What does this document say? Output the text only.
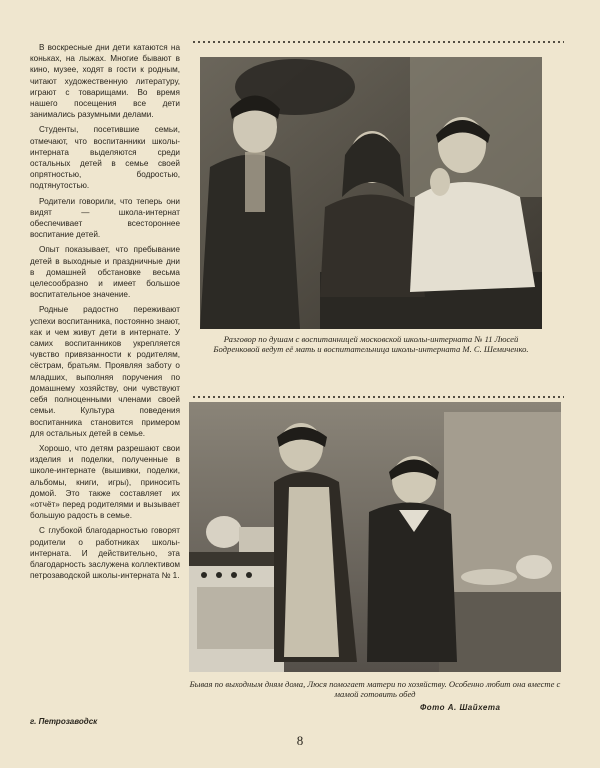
В воскресные дни дети катаются на коньках, на лыжах. Многие бывают в кино, музее, ходят в гости к родным, читают художественную литературу, играют с товарищами. Во время нашего посещения все дети занимались разумными делами.

Студенты, посетившие семьи, отмечают, что воспитанники школы-интерната выделяются среди остальных детей в семье своей опрятностью, бодростью, подтянутостью.

Родители говорили, что теперь они видят — школа-интернат обеспечивает всестороннее воспитание детей.

Опыт показывает, что пребывание детей в выходные и праздничные дни в домашней обстановке весьма целесообразно и имеет большое воспитательное значение.

Родные радостно переживают успехи воспитанника, постоянно знают, как и чем живут дети в интернате. У самих воспитанников укрепляется чувство привязанности к родителям, сёстрам, братьям. Проявляя заботу о младших, выполняя поручения по домашнему хозяйству, они чувствуют себя полноценными членами своей семьи. Культура поведения воспитанника становится примером для остальных детей в семье.

Хорошо, что детям разрешают свои изделия и поделки, полученные в школе-интернате (вышивки, поделки, альбомы, книги, игры), приносить домой. Это также составляет их «отчёт» перед родителями и вызывает большую радость в семье.

С глубокой благодарностью говорят родители о работниках школы-интерната. И действительно, эта благодарность заслужена коллективом петрозаводской школы-интерната № 1.

г. Петрозаводск
Разговор по душам с воспитанницей московской школы-интерната № 11 Люсей Бодренковой ведут её мать и воспитательница школы-интерната М. С. Шемиченко.
Бывая по выходным дням дома, Люся помогает матери по хозяйству. Особенно любит она вместе с мамой готовить обед
Фото А. Шайхета
8
